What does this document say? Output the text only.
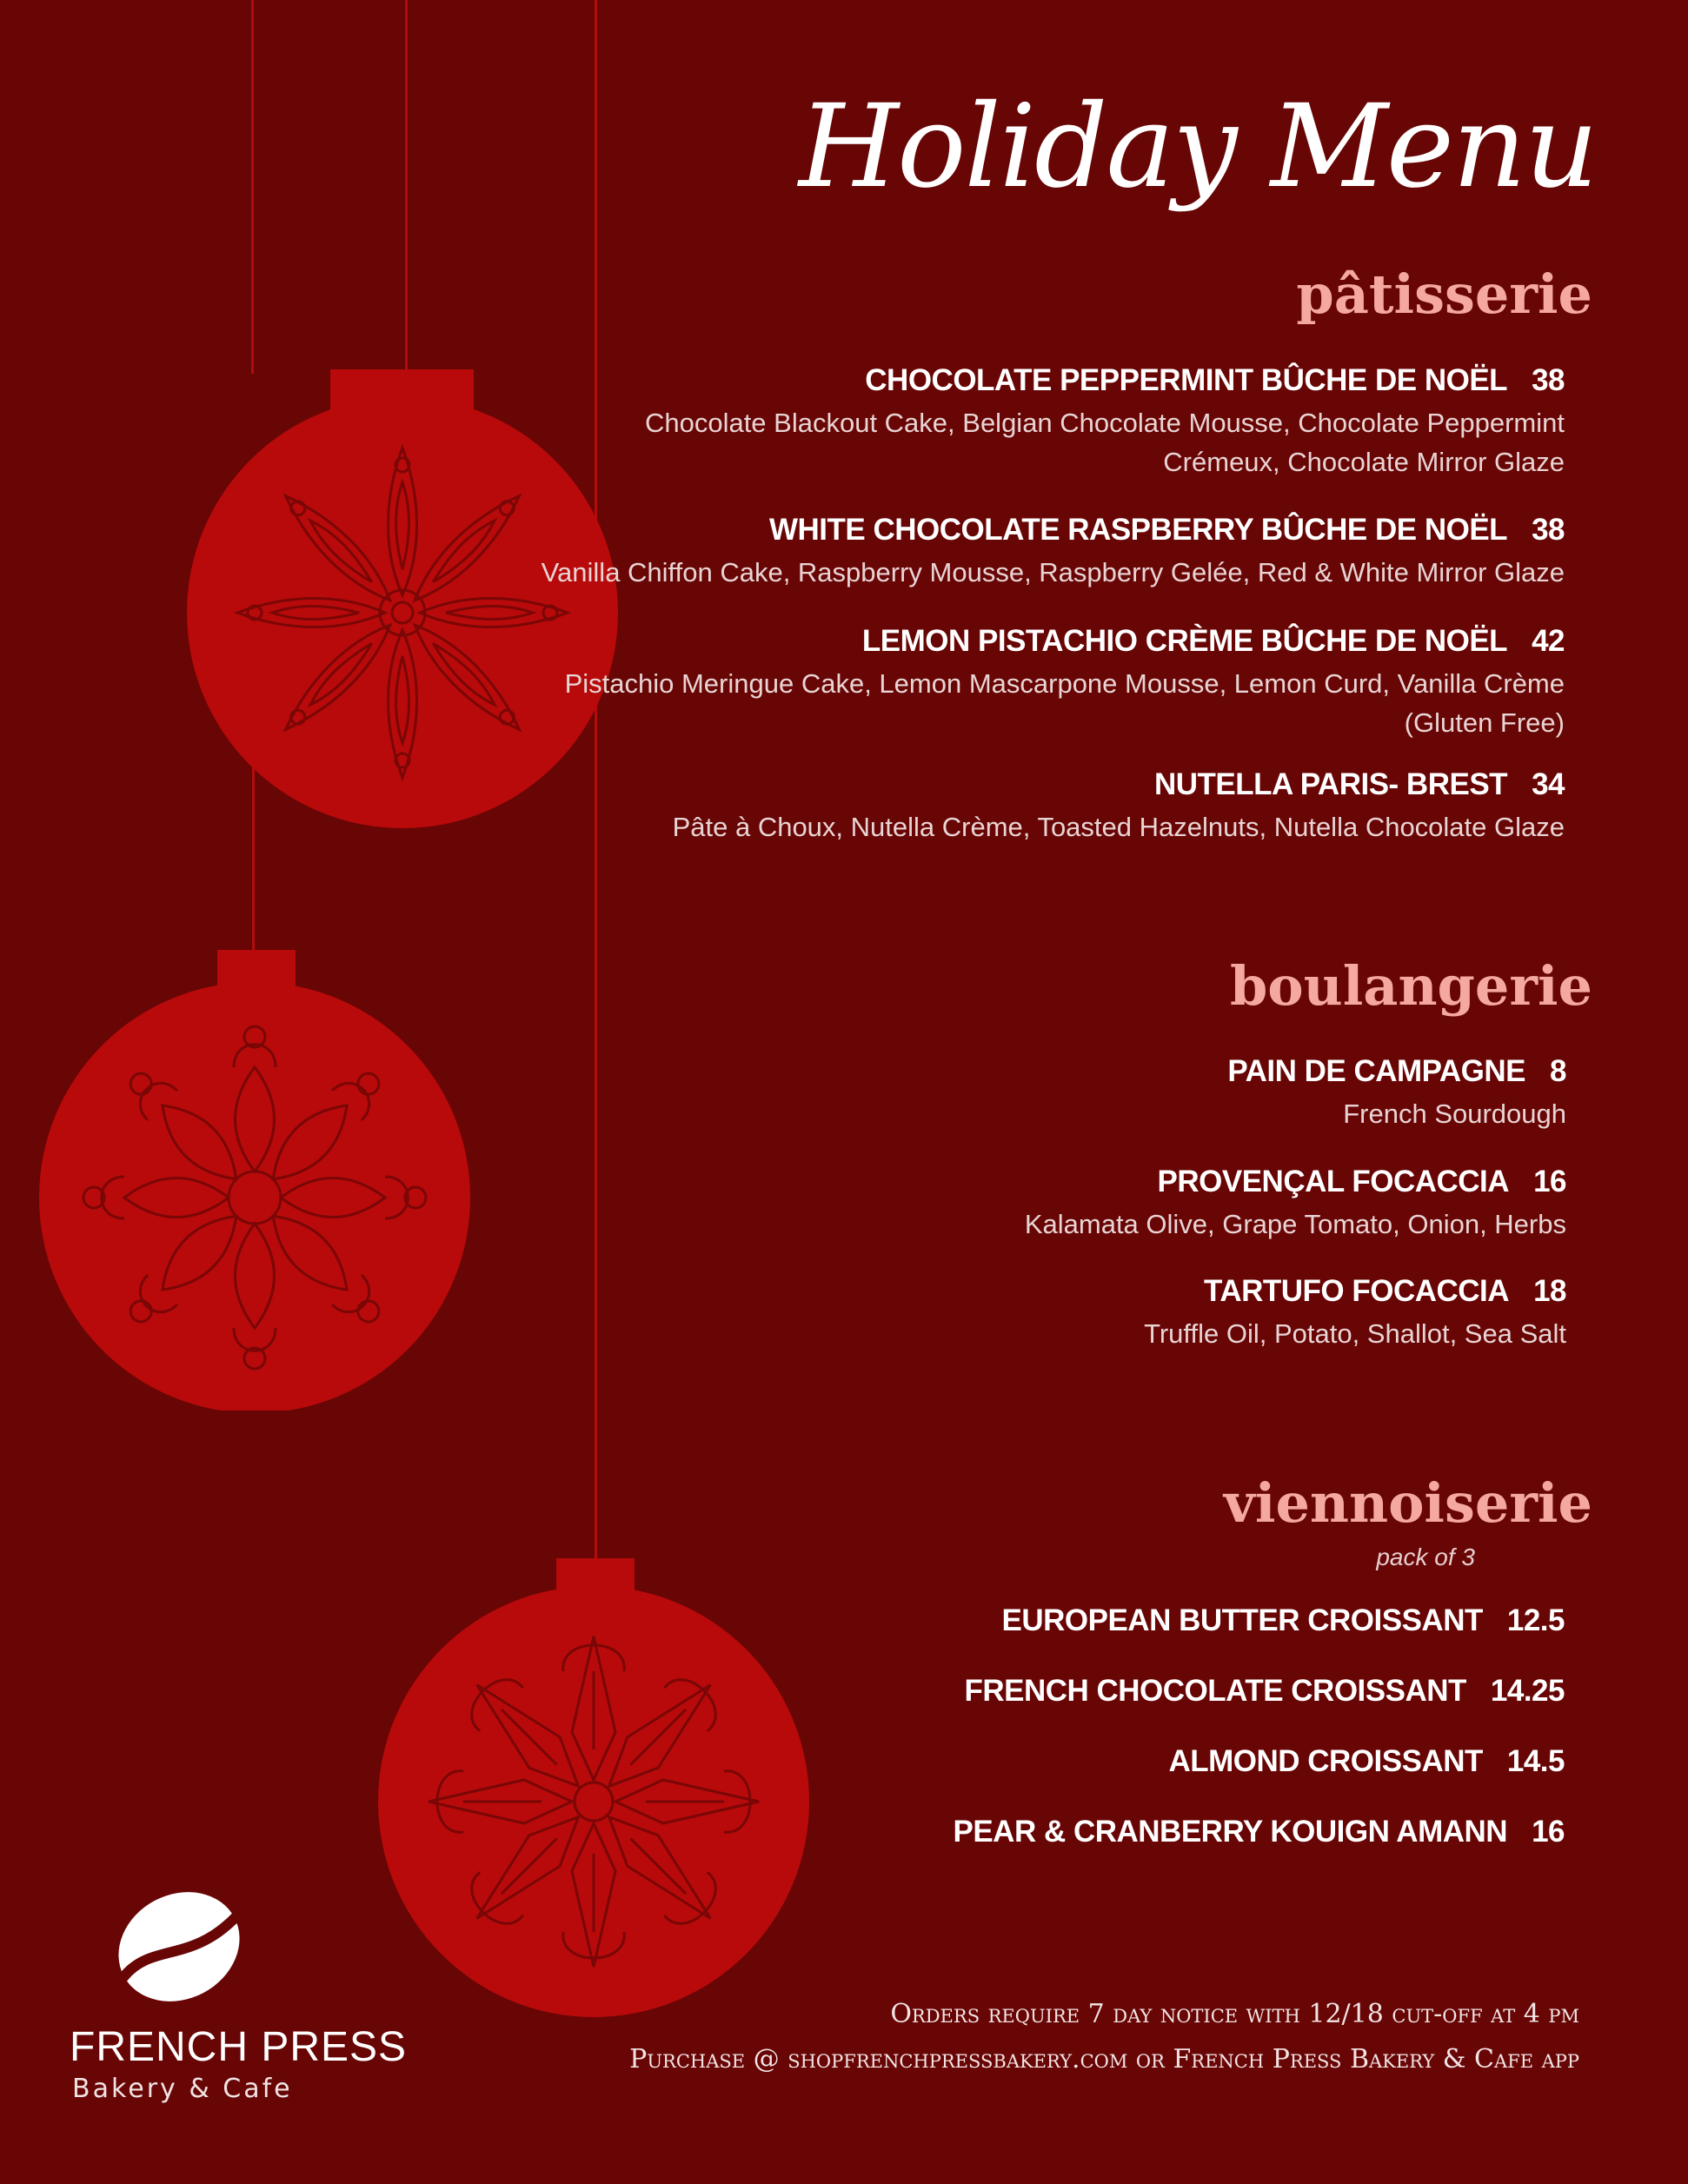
Holiday Menu
pâtisserie
CHOCOLATE PEPPERMINT BÛCHE DE NOËL 38
Chocolate Blackout Cake, Belgian Chocolate Mousse, Chocolate Peppermint
Crémeux, Chocolate Mirror Glaze
WHITE CHOCOLATE RASPBERRY BÛCHE DE NOËL 38
Vanilla Chiffon Cake, Raspberry Mousse, Raspberry Gelée, Red & White Mirror Glaze
LEMON PISTACHIO CRÈME BÛCHE DE NOËL 42
Pistachio Meringue Cake, Lemon Mascarpone Mousse, Lemon Curd, Vanilla Crème
(Gluten Free)
NUTELLA PARIS- BREST 34
Pâte à Choux, Nutella Crème, Toasted Hazelnuts, Nutella Chocolate Glaze
boulangerie
PAIN DE CAMPAGNE 8
French Sourdough
PROVENÇAL FOCACCIA 16
Kalamata Olive, Grape Tomato, Onion, Herbs
TARTUFO FOCACCIA 18
Truffle Oil, Potato, Shallot, Sea Salt
viennoiserie
pack of 3
EUROPEAN BUTTER CROISSANT 12.5
FRENCH CHOCOLATE CROISSANT 14.25
ALMOND CROISSANT 14.5
PEAR & CRANBERRY KOUIGN AMANN 16
Orders require 7 day notice with 12/18 cut-off at 4 pm
Purchase @ shopfrenchpressbakery.com or French Press Bakery & Cafe app
FRENCH PRESS
Bakery & Cafe
